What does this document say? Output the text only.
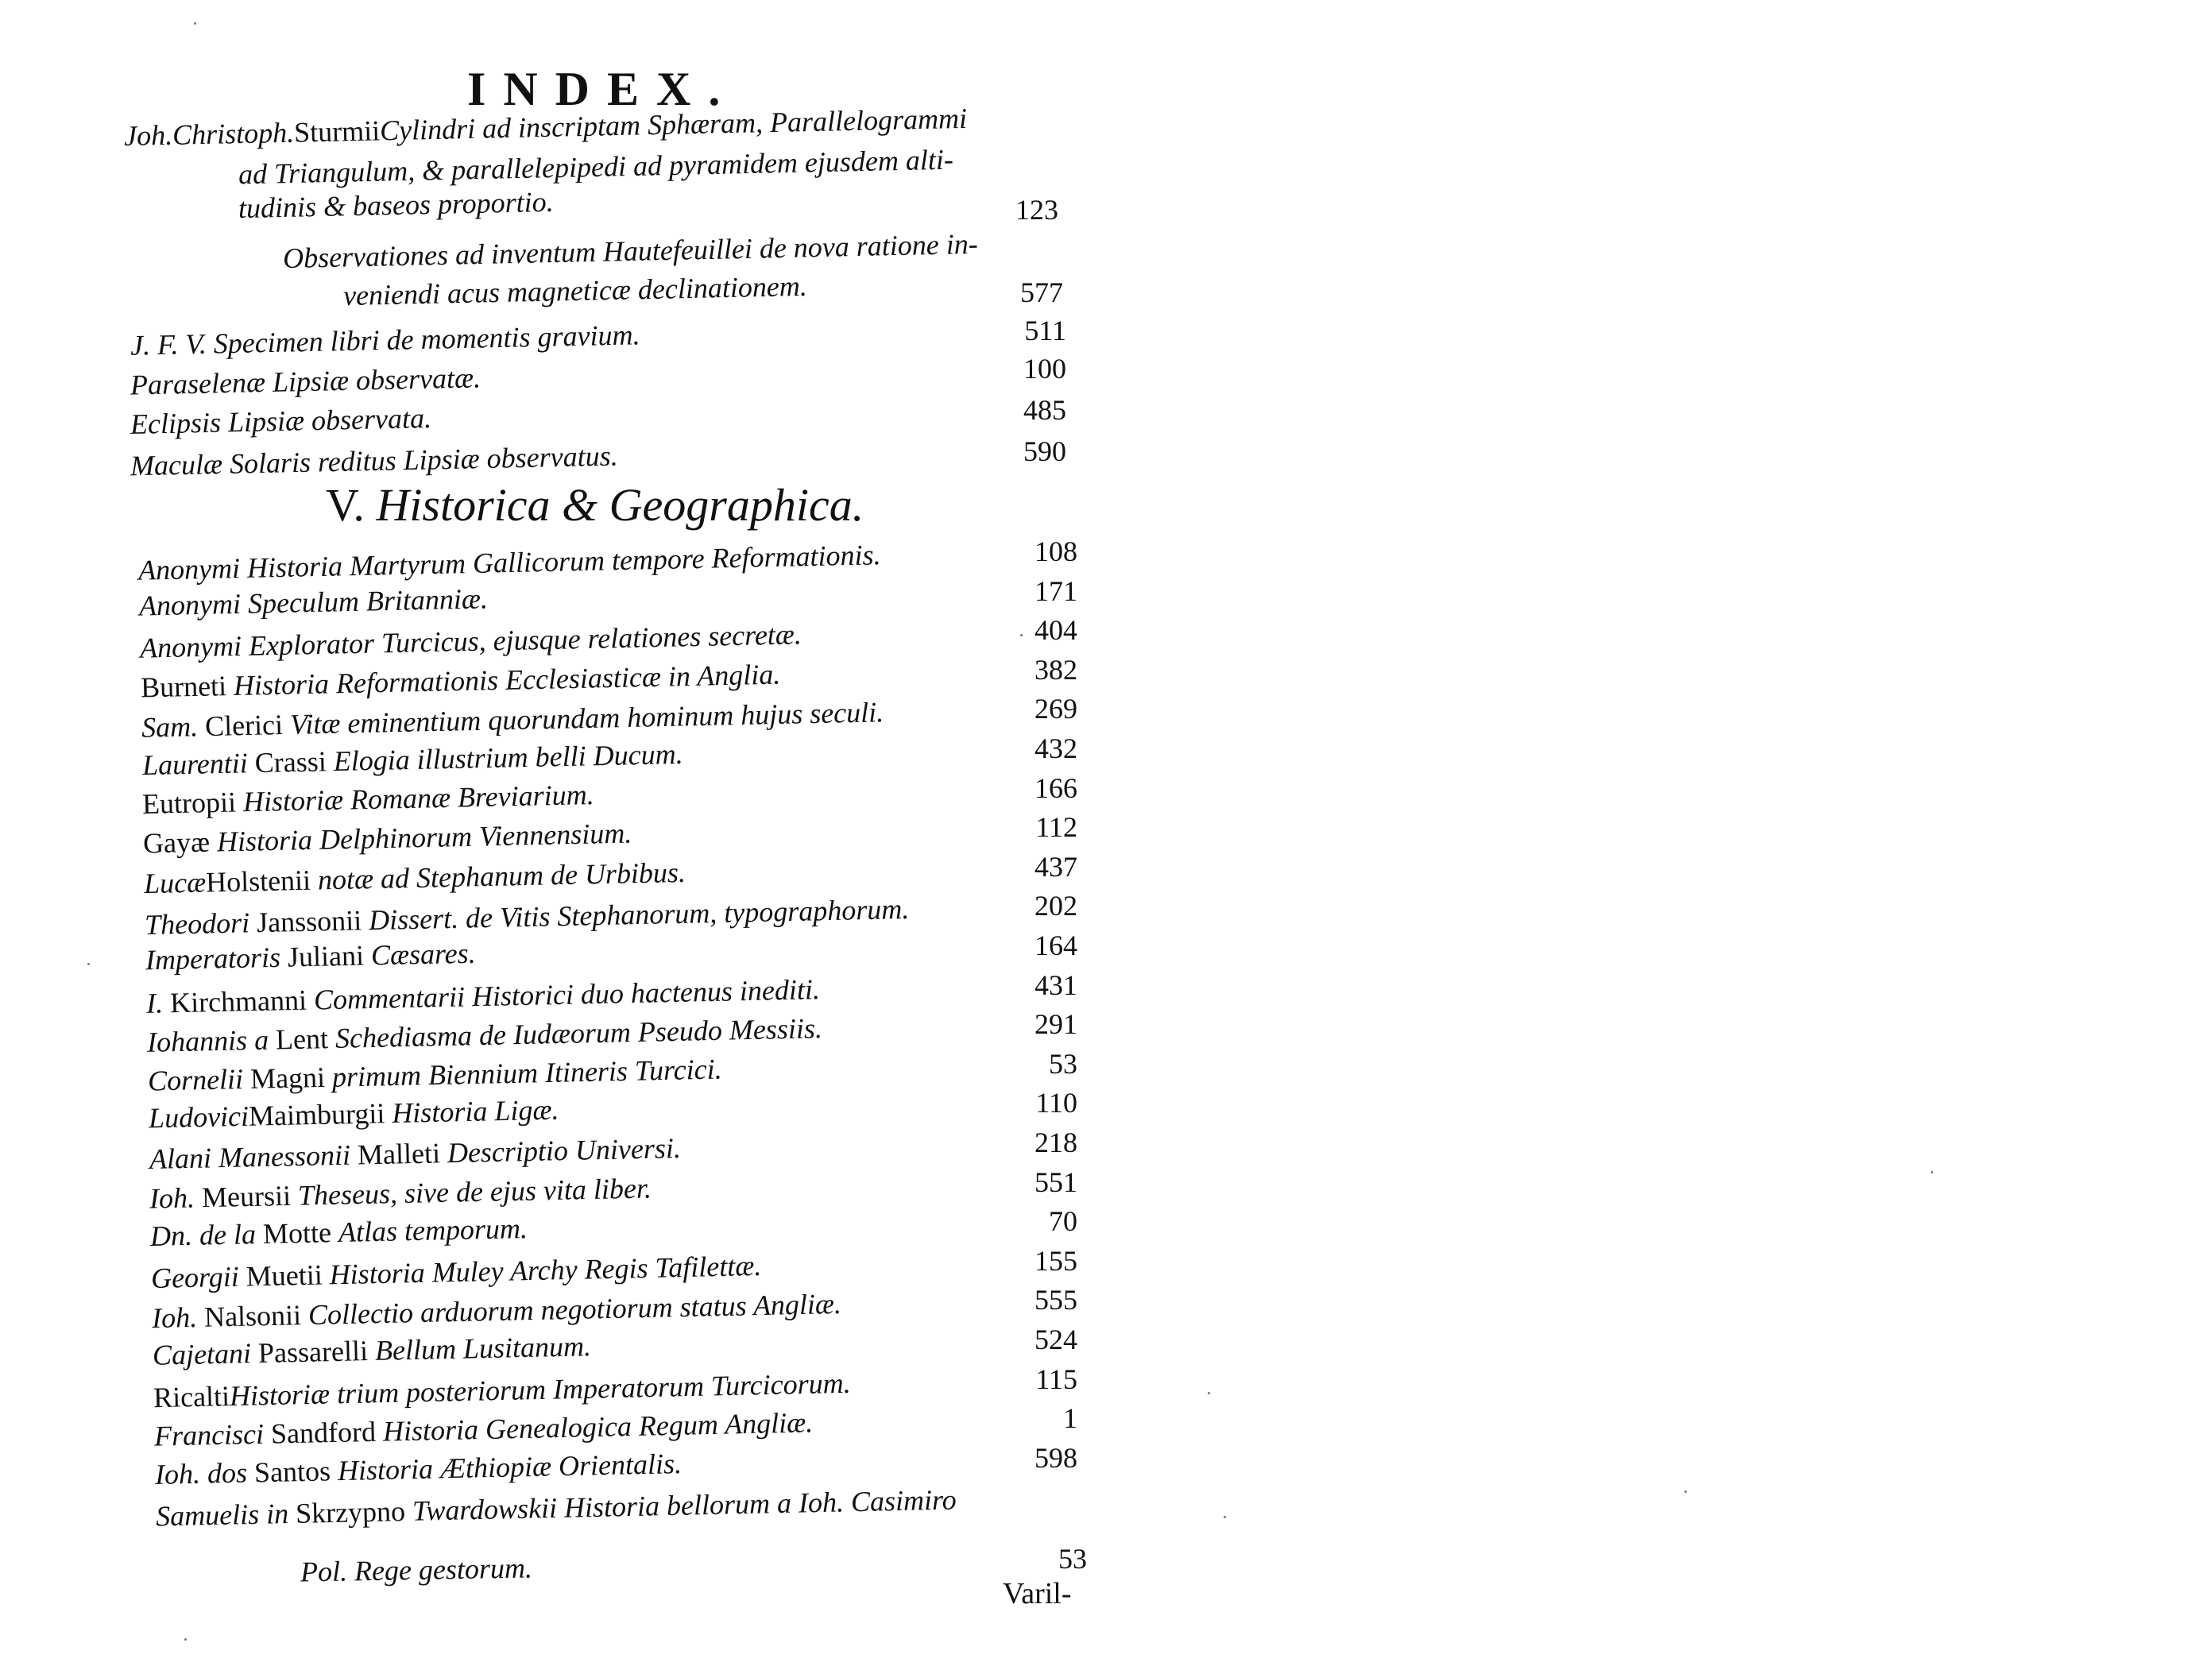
INDEX.
Joh.Christoph.SturmiiCylindri ad inscriptam Sphæram, Parallelogrammi
ad Triangulum, & parallelepipedi ad pyramidem ejusdem alti-
tudinis & baseos proportio.	123
Observationes ad inventum Hautefeuillei de nova ratione in-
veniendi acus magneticæ declinationem.	577
J. F. V. Specimen libri de momentis gravium.	511
Paraselenæ Lipsiæ observatæ.	100
Eclipsis Lipsiæ observata.	485
Maculæ Solaris reditus Lipsiæ observatus.	590
V. Historica & Geographica.
Anonymi Historia Martyrum Gallicorum tempore Reformationis.	108
Anonymi Speculum Britanniæ.	171
Anonymi Explorator Turcicus, ejusque relationes secretæ.	404
Burneti Historia Reformationis Ecclesiasticæ in Anglia.	382
Sam. Clerici Vitæ eminentium quorundam hominum hujus seculi.	269
Laurentii Crassi Elogia illustrium belli Ducum.	432
Eutropii Historiæ Romanæ Breviarium.	166
Gayæ Historia Delphinorum Viennensium.	112
LucæHolstenii notæ ad Stephanum de Urbibus.	437
Theodori Janssonii Dissert. de Vitis Stephanorum, typographorum.	202
Imperatoris Juliani Cæsares.	164
I. Kirchmanni Commentarii Historici duo hactenus inediti.	431
Iohannis a Lent Schediasma de Iudæorum Pseudo Messiis.	291
Cornelii Magni primum Biennium Itineris Turcici.	53
LudoviciMaimburgii Historia Ligæ.	110
Alani Manessonii Malleti Descriptio Universi.	218
Ioh. Meursii Theseus, sive de ejus vita liber.	551
Dn. de la Motte Atlas temporum.	70
Georgii Muetii Historia Muley Archy Regis Tafilettæ.	155
Ioh. Nalsonii Collectio arduorum negotiorum status Angliæ.	555
Cajetani Passarelli Bellum Lusitanum.	524
RicaltiHistoriæ trium posteriorum Imperatorum Turcicorum.	115
Francisci Sandford Historia Genealogica Regum Angliæ.	1
Ioh. dos Santos Historia Æthiopiæ Orientalis.	598
Samuelis in Skrzypno Twardowskii Historia bellorum a Ioh. Casimiro
Pol. Rege gestorum.	53
Varil-
